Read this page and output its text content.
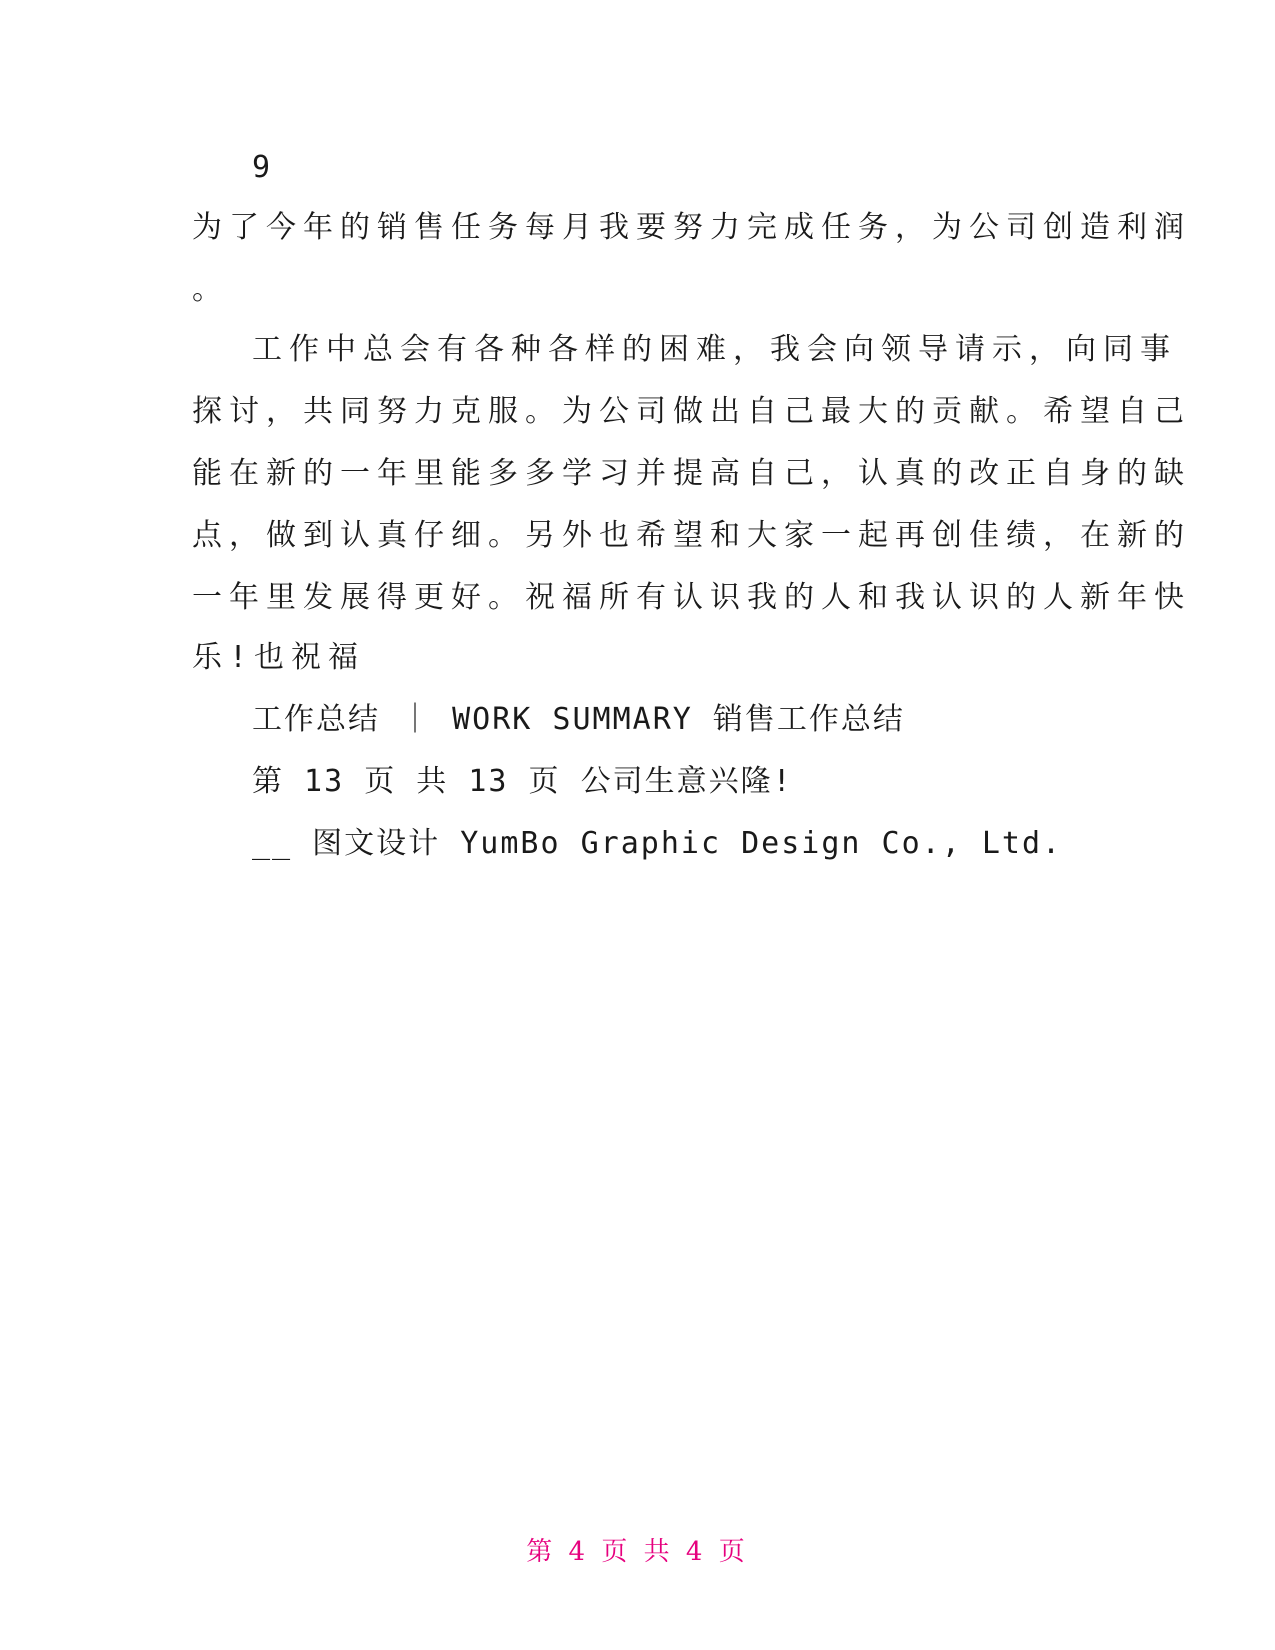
9
为了今年的销售任务每月我要努力完成任务，为公司创造利润
。
工作中总会有各种各样的困难，我会向领导请示，向同事
探讨，共同努力克服。为公司做出自己最大的贡献。希望自己
能在新的一年里能多多学习并提高自己，认真的改正自身的缺
点，做到认真仔细。另外也希望和大家一起再创佳绩，在新的
一年里发展得更好。祝福所有认识我的人和我认识的人新年快
乐!也祝福
工作总结 ｜ WORK SUMMARY 销售工作总结
第 13 页 共 13 页 公司生意兴隆!
__ 图文设计 YumBo Graphic Design Co., Ltd.
第 4 页 共 4 页
